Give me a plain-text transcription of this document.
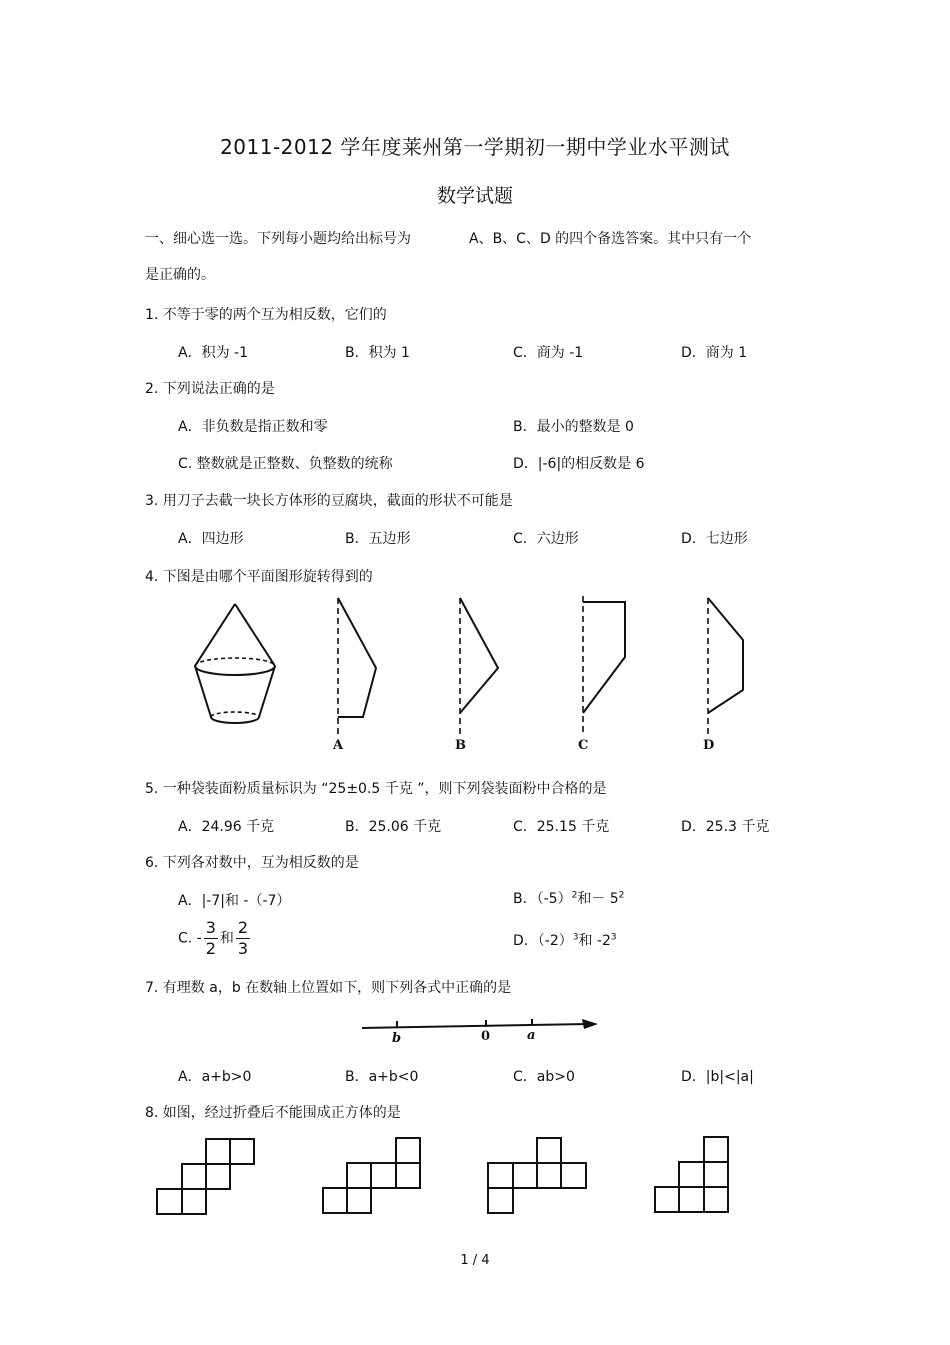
2011-2012 学年度莱州第一学期初一期中学业水平测试
数学试题
一、细心选一选。下列每小题均给出标号为	A、B、C、D 的四个备选答案。其中只有一个
是正确的。
1. 不等于零的两个互为相反数，它们的
A．积为 -1	B．积为 1	C．商为 -1	D．商为 1
2. 下列说法正确的是
A．非负数是指正数和零	B．最小的整数是 0
C. 整数就是正整数、负整数的统称	D．|-6|的相反数是 6
3. 用刀子去截一块长方体形的豆腐块，截面的形状不可能是
A．四边形	B．五边形	C．六边形	D．七边形
4. 下图是由哪个平面图形旋转得到的
A	B	C	D
5. 一种袋装面粉质量标识为 “25±0.5 千克 ”，则下列袋装面粉中合格的是
A．24.96 千克	B．25.06 千克	C．25.15 千克	D．25.3 千克
6. 下列各对数中，互为相反数的是
A．|-7|和 -（-7）	B．$(-5)^2$和－ $5^2$
C. - $\frac{3}{2}$ 和 $\frac{2}{3}$	D．$(-2)^3$和 $-2^3$
7. 有理数 a，b 在数轴上位置如下，则下列各式中正确的是
b	0	a
A．a+b>0	B．a+b<0	C．ab>0	D．|b|<|a|
8. 如图，经过折叠后不能围成正方体的是
1 / 4
